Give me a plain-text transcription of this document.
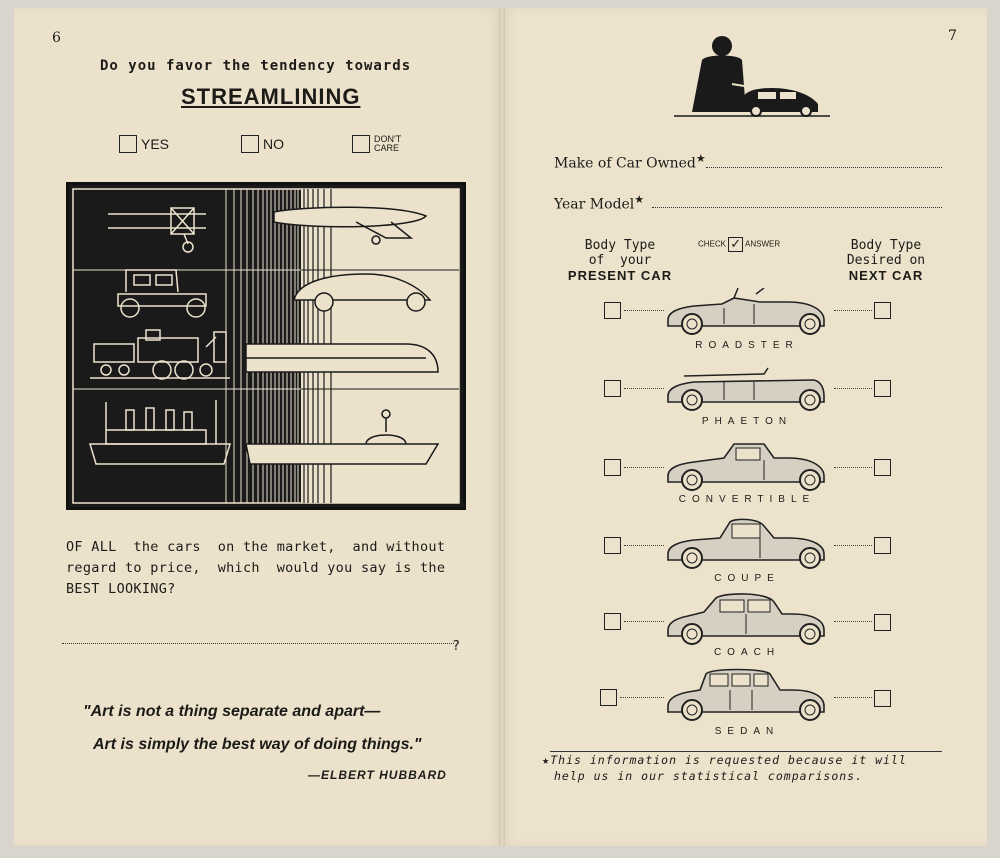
6
Do you favor the tendency towards
STREAMLINING
YES	NO	DON'T
CARE
OF ALL  the cars  on the market,  and without
regard to price,  which  would you say is the
BEST LOOKING?
?
"Art is not a thing separate and apart—
Art is simply the best way of doing things."
—ELBERT HUBBARD
7
Make of Car Owned★
Year Model★
Body Type
of  your
PRESENT CAR
CHECK ✓ ANSWER	Body Type
Desired on
NEXT CAR
ROADSTER
PHAETON
CONVERTIBLE
COUPE
COACH
SEDAN
★This information is requested because it will
help us in our statistical comparisons.
